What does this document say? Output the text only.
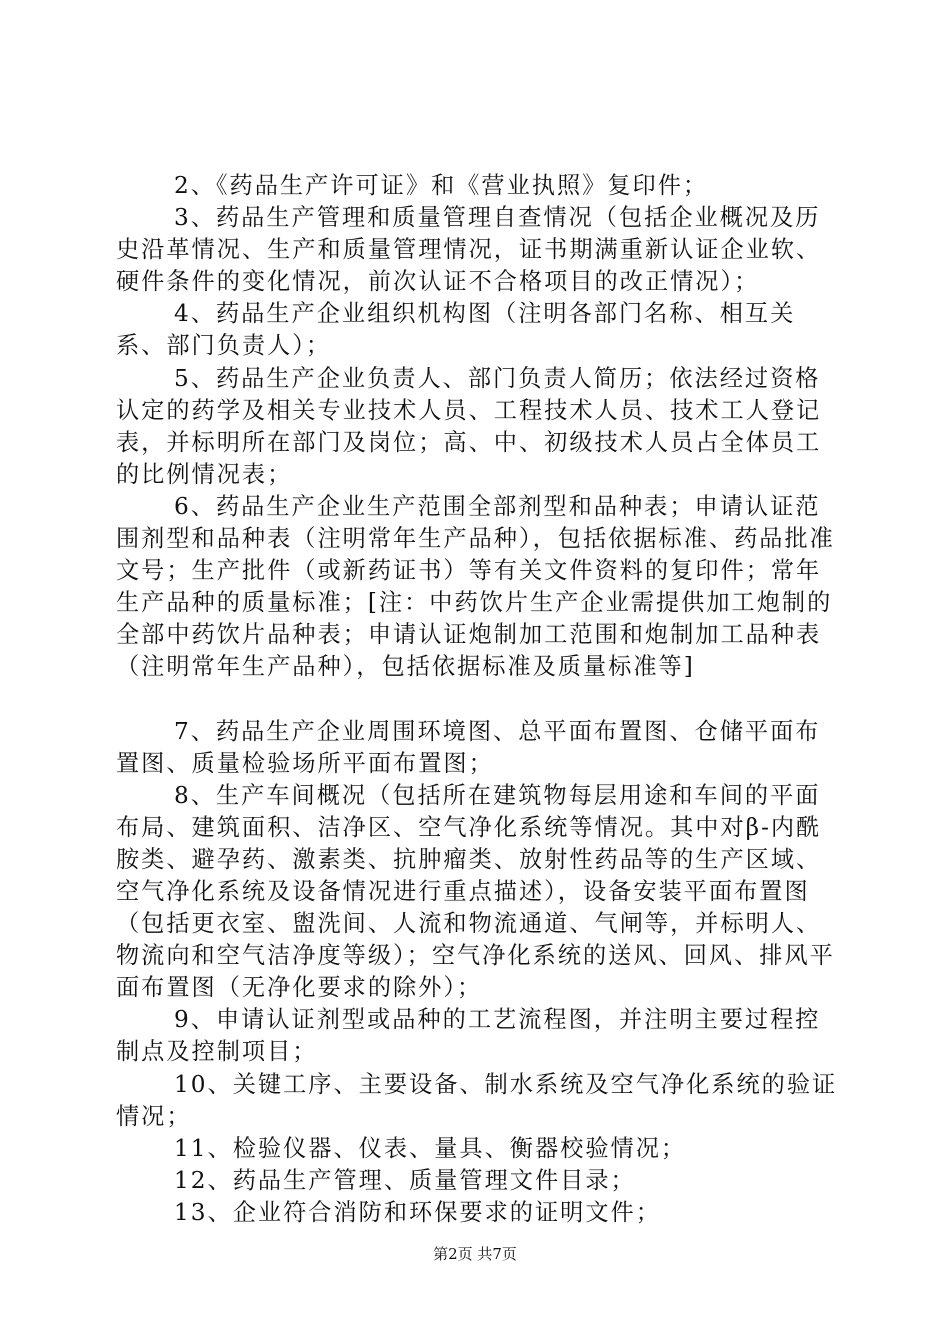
2、《药品生产许可证》和《营业执照》复印件；

3、药品生产管理和质量管理自查情况（包括企业概况及历史沿革情况、生产和质量管理情况，证书期满重新认证企业软、硬件条件的变化情况，前次认证不合格项目的改正情况）；

4、药品生产企业组织机构图（注明各部门名称、相互关系、部门负责人）；

5、药品生产企业负责人、部门负责人简历；依法经过资格认定的药学及相关专业技术人员、工程技术人员、技术工人登记表，并标明所在部门及岗位；高、中、初级技术人员占全体员工的比例情况表；

6、药品生产企业生产范围全部剂型和品种表；申请认证范围剂型和品种表（注明常年生产品种），包括依据标准、药品批准文号；生产批件（或新药证书）等有关文件资料的复印件；常年生产品种的质量标准；[注：中药饮片生产企业需提供加工炮制的全部中药饮片品种表；申请认证炮制加工范围和炮制加工品种表（注明常年生产品种），包括依据标准及质量标准等]

7、药品生产企业周围环境图、总平面布置图、仓储平面布置图、质量检验场所平面布置图；

8、生产车间概况（包括所在建筑物每层用途和车间的平面布局、建筑面积、洁净区、空气净化系统等情况。其中对β-内酰胺类、避孕药、激素类、抗肿瘤类、放射性药品等的生产区域、空气净化系统及设备情况进行重点描述），设备安装平面布置图（包括更衣室、盥洗间、人流和物流通道、气闸等，并标明人、物流向和空气洁净度等级）；空气净化系统的送风、回风、排风平面布置图（无净化要求的除外）；

9、申请认证剂型或品种的工艺流程图，并注明主要过程控制点及控制项目；

10、关键工序、主要设备、制水系统及空气净化系统的验证情况；

11、检验仪器、仪表、量具、衡器校验情况；

12、药品生产管理、质量管理文件目录；

13、企业符合消防和环保要求的证明文件；

第2页 共7页
